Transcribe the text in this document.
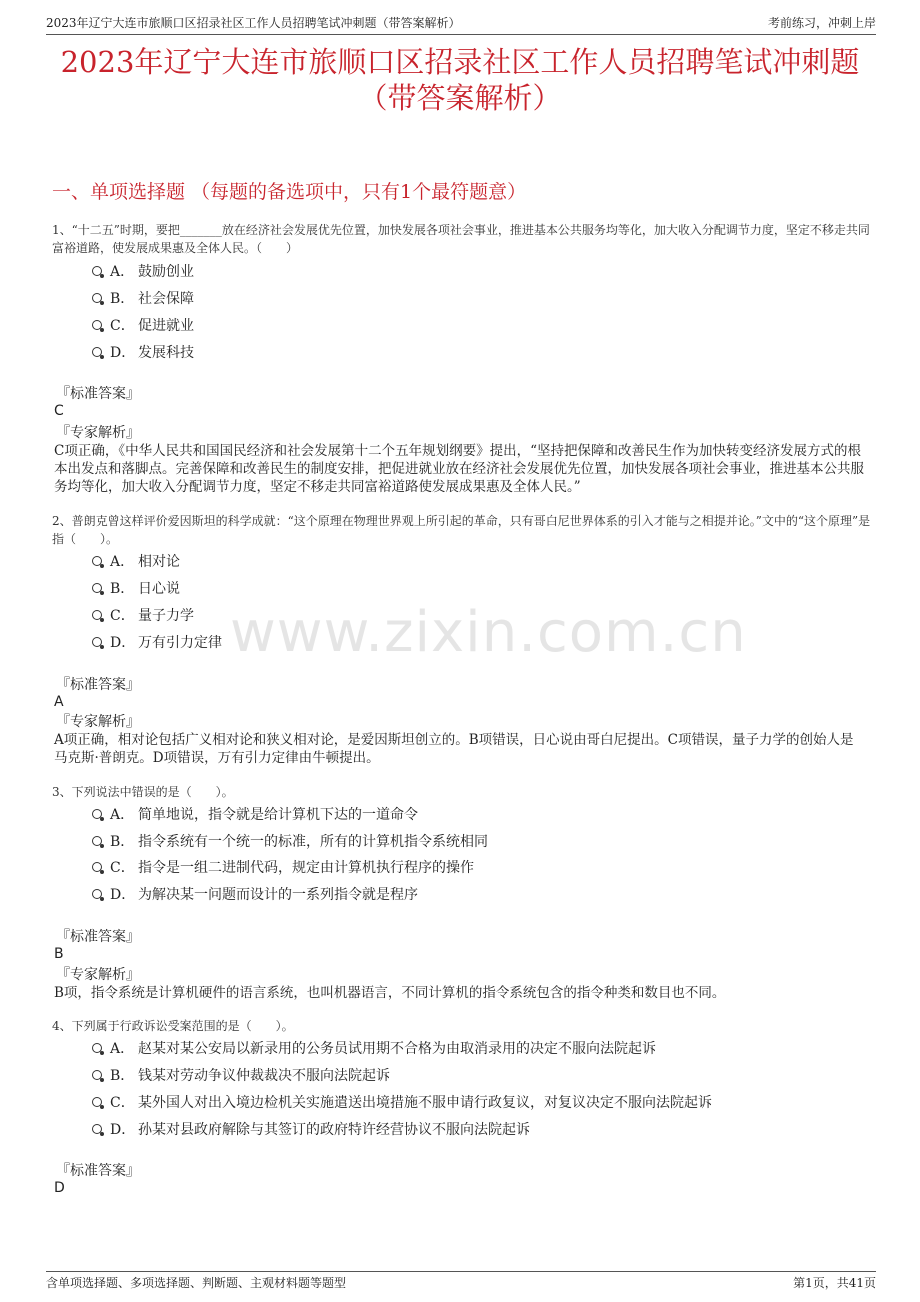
2023年辽宁大连市旅顺口区招录社区工作人员招聘笔试冲刺题（带答案解析）	考前练习，冲刺上岸
2023年辽宁大连市旅顺口区招录社区工作人员招聘笔试冲刺题
（带答案解析）
一、单项选择题 （每题的备选项中，只有1个最符题意）
www.zixin.com.cn
1、“十二五”时期，要把_______放在经济社会发展优先位置，加快发展各项社会事业，推进基本公共服务均等化，加大收入分配调节力度，坚定不移走共同富裕道路，使发展成果惠及全体人民。（　　）
A． 鼓励创业
B． 社会保障
C． 促进就业
D． 发展科技
『标准答案』
C
『专家解析』
C项正确，《中华人民共和国国民经济和社会发展第十二个五年规划纲要》提出，“坚持把保障和改善民生作为加快转变经济发展方式的根本出发点和落脚点。完善保障和改善民生的制度安排，把促进就业放在经济社会发展优先位置，加快发展各项社会事业，推进基本公共服务均等化，加大收入分配调节力度，坚定不移走共同富裕道路使发展成果惠及全体人民。”
2、普朗克曾这样评价爱因斯坦的科学成就：“这个原理在物理世界观上所引起的革命，只有哥白尼世界体系的引入才能与之相提并论。”文中的“这个原理”是指（　　）。
A． 相对论
B． 日心说
C． 量子力学
D． 万有引力定律
『标准答案』
A
『专家解析』
A项正确，相对论包括广义相对论和狭义相对论，是爱因斯坦创立的。B项错误，日心说由哥白尼提出。C项错误，量子力学的创始人是马克斯·普朗克。D项错误，万有引力定律由牛顿提出。
3、下列说法中错误的是（　　）。
A． 简单地说，指令就是给计算机下达的一道命令
B． 指令系统有一个统一的标准，所有的计算机指令系统相同
C． 指令是一组二进制代码，规定由计算机执行程序的操作
D． 为解决某一问题而设计的一系列指令就是程序
『标准答案』
B
『专家解析』
B项，指令系统是计算机硬件的语言系统，也叫机器语言，不同计算机的指令系统包含的指令种类和数目也不同。
4、下列属于行政诉讼受案范围的是（　　）。
A． 赵某对某公安局以新录用的公务员试用期不合格为由取消录用的决定不服向法院起诉
B． 钱某对劳动争议仲裁裁决不服向法院起诉
C． 某外国人对出入境边检机关实施遣送出境措施不服申请行政复议，对复议决定不服向法院起诉
D． 孙某对县政府解除与其签订的政府特许经营协议不服向法院起诉
『标准答案』
D
含单项选择题、多项选择题、判断题、主观材料题等题型	第1页，共41页
